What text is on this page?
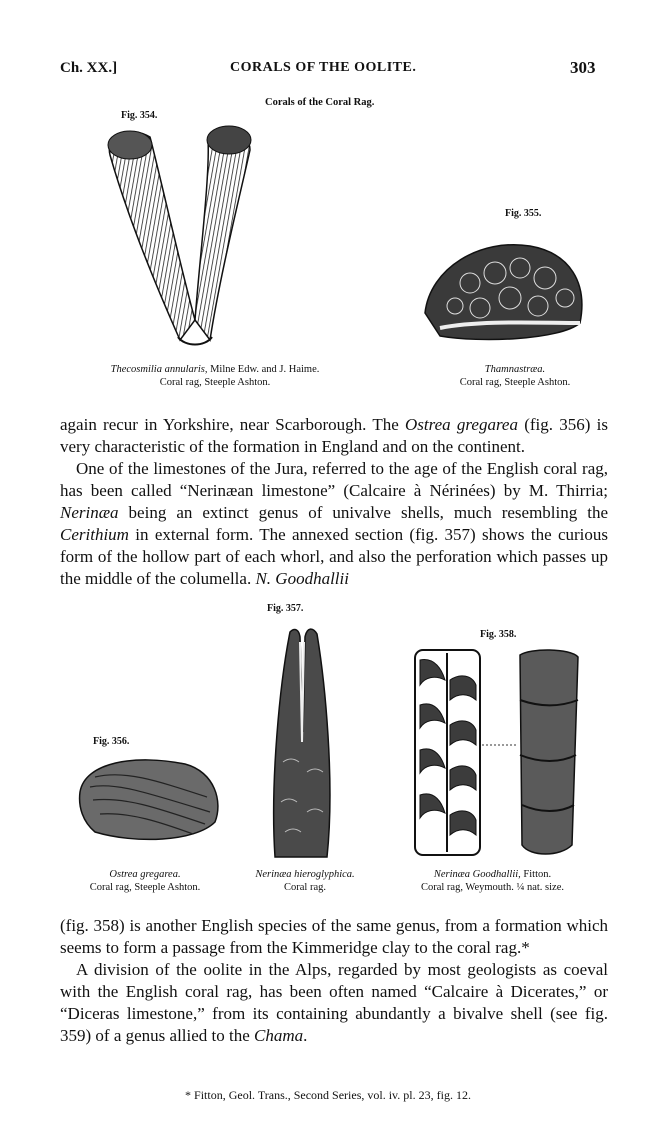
Ch. XX.]	CORALS OF THE OOLITE.	303
Corals of the Coral Rag.
Fig. 354.
Thecosmilia annularis, Milne Edw. and J. Haime.
Coral rag, Steeple Ashton.
Fig. 355.
Thamnastræa.
Coral rag, Steeple Ashton.

again recur in Yorkshire, near Scarborough. The Ostrea gregarea (fig. 356) is very characteristic of the formation in England and on the continent.

One of the limestones of the Jura, referred to the age of the English coral rag, has been called “Nerinæan limestone” (Calcaire à Nérinées) by M. Thirria; Nerinæa being an extinct genus of univalve shells, much resembling the Cerithium in external form. The annexed section (fig. 357) shows the curious form of the hollow part of each whorl, and also the perforation which passes up the middle of the columella. N. Goodhallii

Fig. 357.
Nerinæa hieroglyphica.
Coral rag.
Fig. 356.
Ostrea gregarea.
Coral rag, Steeple Ashton.
Fig. 358.
Nerinæa Goodhallii, Fitton.
Coral rag, Weymouth. ¼ nat. size.

(fig. 358) is another English species of the same genus, from a formation which seems to form a passage from the Kimmeridge clay to the coral rag.*

A division of the oolite in the Alps, regarded by most geologists as coeval with the English coral rag, has been often named “Calcaire à Dicerates,” or “Diceras limestone,” from its containing abundantly a bivalve shell (see fig. 359) of a genus allied to the Chama.

* Fitton, Geol. Trans., Second Series, vol. iv. pl. 23, fig. 12.
